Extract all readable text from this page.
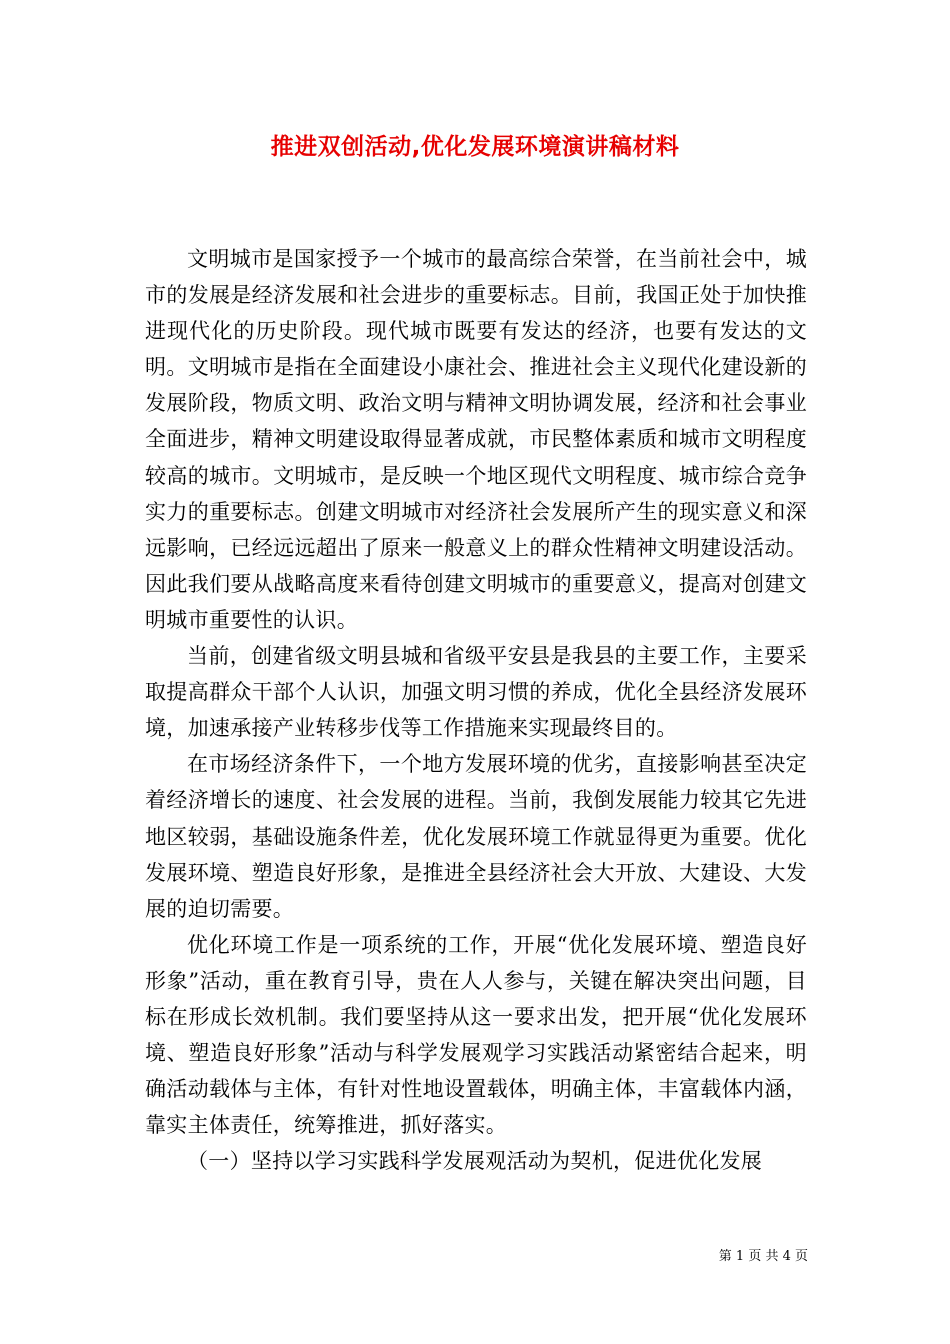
推进双创活动,优化发展环境演讲稿材料

文明城市是国家授予一个城市的最高综合荣誉，在当前社会中，城市的发展是经济发展和社会进步的重要标志。目前，我国正处于加快推进现代化的历史阶段。现代城市既要有发达的经济，也要有发达的文明。文明城市是指在全面建设小康社会、推进社会主义现代化建设新的发展阶段，物质文明、政治文明与精神文明协调发展，经济和社会事业全面进步，精神文明建设取得显著成就，市民整体素质和城市文明程度较高的城市。文明城市，是反映一个地区现代文明程度、城市综合竞争实力的重要标志。创建文明城市对经济社会发展所产生的现实意义和深远影响，已经远远超出了原来一般意义上的群众性精神文明建设活动。因此我们要从战略高度来看待创建文明城市的重要意义，提高对创建文明城市重要性的认识。

当前，创建省级文明县城和省级平安县是我县的主要工作，主要采取提高群众干部个人认识，加强文明习惯的养成，优化全县经济发展环境，加速承接产业转移步伐等工作措施来实现最终目的。

在市场经济条件下，一个地方发展环境的优劣，直接影响甚至决定着经济增长的速度、社会发展的进程。当前，我倒发展能力较其它先进地区较弱，基础设施条件差，优化发展环境工作就显得更为重要。优化发展环境、塑造良好形象，是推进全县经济社会大开放、大建设、大发展的迫切需要。

优化环境工作是一项系统的工作，开展“优化发展环境、塑造良好形象”活动，重在教育引导，贵在人人参与，关键在解决突出问题，目标在形成长效机制。我们要坚持从这一要求出发，把开展“优化发展环境、塑造良好形象”活动与科学发展观学习实践活动紧密结合起来，明确活动载体与主体，有针对性地设置载体，明确主体，丰富载体内涵，靠实主体责任，统筹推进，抓好落实。

（一）坚持以学习实践科学发展观活动为契机，促进优化发展

第 1 页 共 4 页
